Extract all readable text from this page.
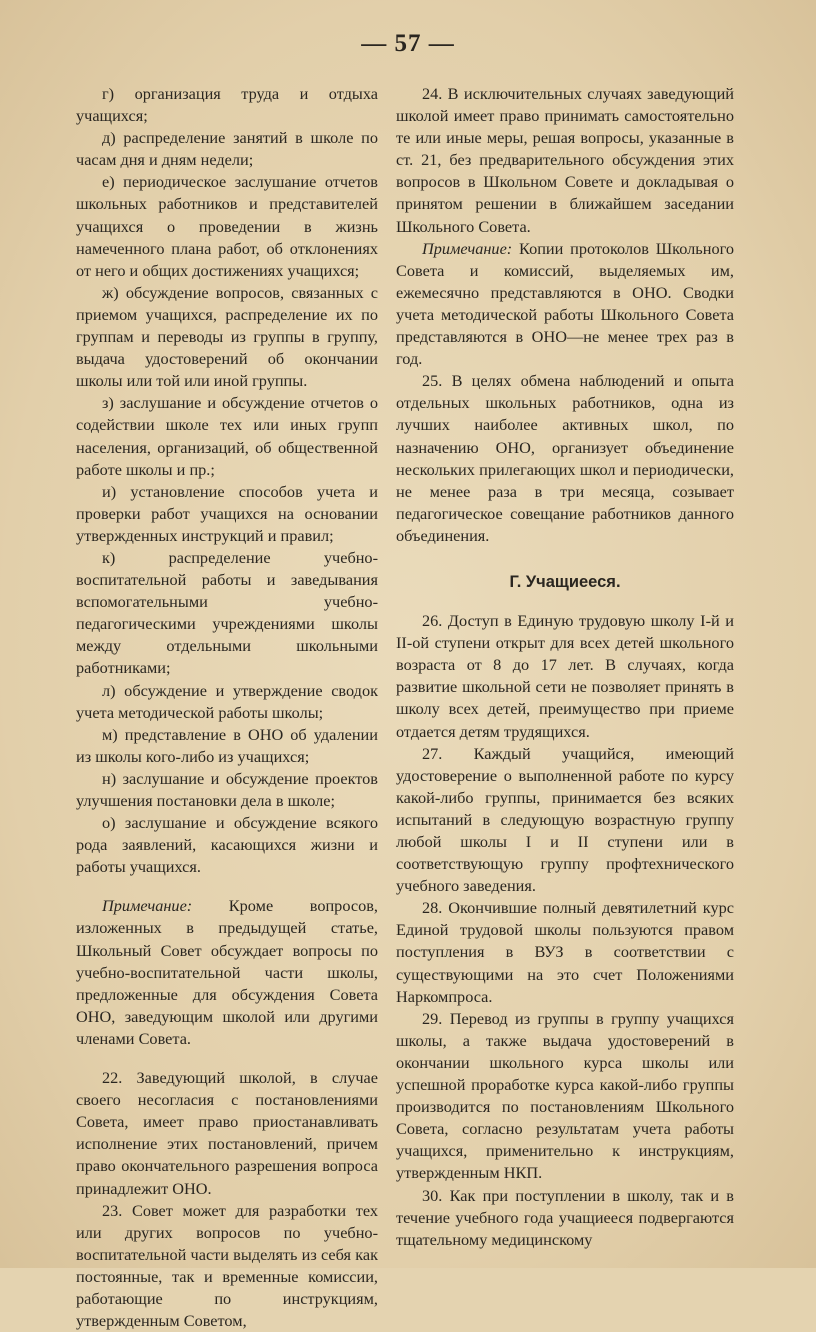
— 57 —

г) организация труда и отдыха учащихся;

д) распределение занятий в школе по часам дня и дням недели;

е) периодическое заслушание отчетов школьных работников и представителей учащихся о проведении в жизнь намеченного плана работ, об отклонениях от него и общих достижениях учащихся;

ж) обсуждение вопросов, связанных с приемом учащихся, распределение их по группам и переводы из группы в группу, выдача удостоверений об окончании школы или той или иной группы.

з) заслушание и обсуждение отчетов о содействии школе тех или иных групп населения, организаций, об общественной работе школы и пр.;

и) установление способов учета и проверки работ учащихся на основании утвержденных инструкций и правил;

к) распределение учебно-воспитательной работы и заведывания вспомогательными учебно-педагогическими учреждениями школы между отдельными школьными работниками;

л) обсуждение и утверждение сводок учета методической работы школы;

м) представление в ОНО об удалении из школы кого-либо из учащихся;

н) заслушание и обсуждение проектов улучшения постановки дела в школе;

о) заслушание и обсуждение всякого рода заявлений, касающихся жизни и работы учащихся.

Примечание: Кроме вопросов, изложенных в предыдущей статье, Школьный Совет обсуждает вопросы по учебно-воспитательной части школы, предложенные для обсуждения Совета ОНО, заведующим школой или другими членами Совета.

22. Заведующий школой, в случае своего несогласия с постановлениями Совета, имеет право приостанавливать исполнение этих постановлений, причем право окончательного разрешения вопроса принадлежит ОНО.

23. Совет может для разработки тех или других вопросов по учебно-воспитательной части выделять из себя как постоянные, так и временные комиссии, работающие по инструкциям, утвержденным Советом,

24. В исключительных случаях заведующий школой имеет право принимать самостоятельно те или иные меры, решая вопросы, указанные в ст. 21, без предварительного обсуждения этих вопросов в Школьном Совете и докладывая о принятом решении в ближайшем заседании Школьного Совета.

Примечание: Копии протоколов Школьного Совета и комиссий, выделяемых им, ежемесячно представляются в ОНО. Сводки учета методической работы Школьного Совета представляются в ОНО—не менее трех раз в год.

25. В целях обмена наблюдений и опыта отдельных школьных работников, одна из лучших наиболее активных школ, по назначению ОНО, организует объединение нескольких прилегающих школ и периодически, не менее раза в три месяца, созывает педагогическое совещание работников данного объединения.

Г. Учащиееся.

26. Доступ в Единую трудовую школу I-й и II-ой ступени открыт для всех детей школьного возраста от 8 до 17 лет. В случаях, когда развитие школьной сети не позволяет принять в школу всех детей, преимущество при приеме отдается детям трудящихся.

27. Каждый учащийся, имеющий удостоверение о выполненной работе по курсу какой-либо группы, принимается без всяких испытаний в следующую возрастную группу любой школы I и II ступени или в соответствующую группу профтехнического учебного заведения.

28. Окончившие полный девятилетний курс Единой трудовой школы пользуются правом поступления в ВУЗ в соответствии с существующими на это счет Положениями Наркомпроса.

29. Перевод из группы в группу учащихся школы, а также выдача удостоверений в окончании школьного курса школы или успешной проработке курса какой-либо группы производится по постановлениям Школьного Совета, согласно результатам учета работы учащихся, применительно к инструкциям, утвержденным НКП.

30. Как при поступлении в школу, так и в течение учебного года учащиееся подвергаются тщательному медицинскому
